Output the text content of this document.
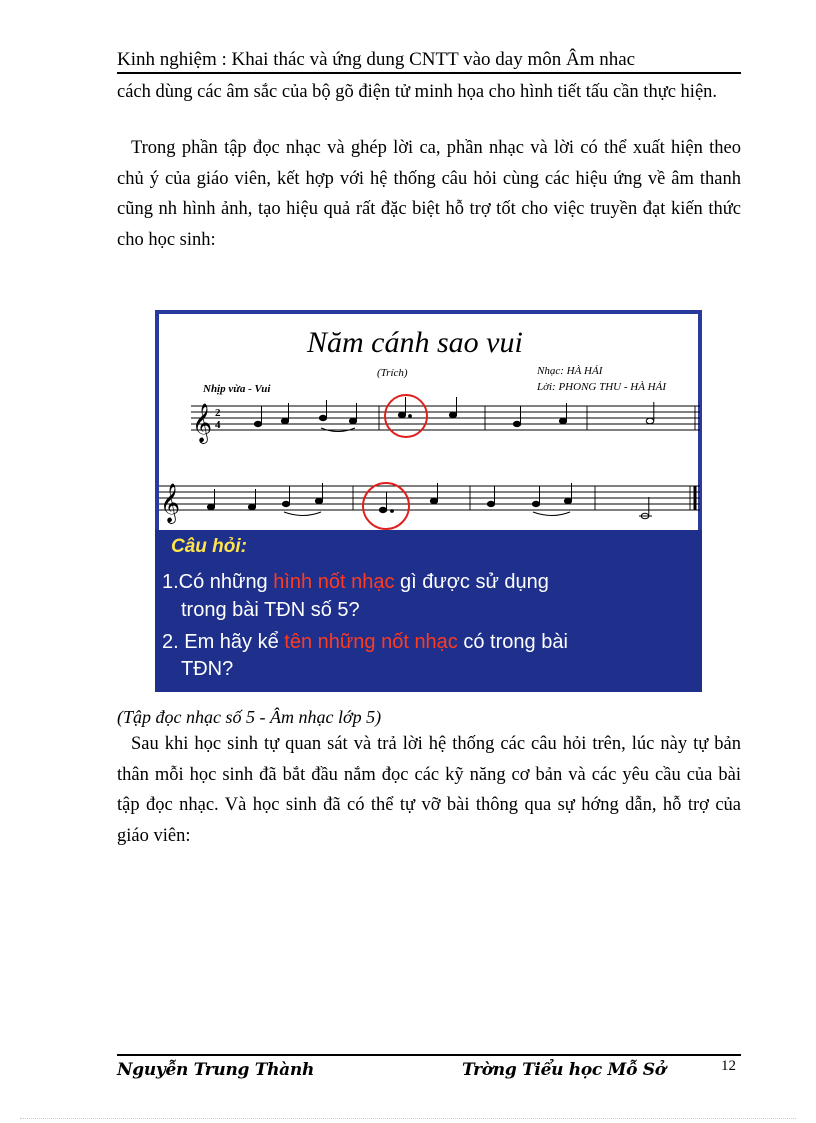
Kinh nghiệm : Khai thác và ứng dung CNTT vào day môn Âm nhac

cách dùng các âm sắc của bộ gõ điện tử minh họa cho hình tiết tấu cần thực hiện.

Trong phần tập đọc nhạc và ghép lời ca, phần nhạc và lời có thể xuất hiện theo chủ ý của giáo viên, kết hợp với hệ thống câu hỏi cùng các hiệu ứng về âm thanh cũng nh hình ảnh, tạo hiệu quả rất đặc biệt hỗ trợ tốt cho việc truyền đạt kiến thức cho học sinh:

Năm cánh sao vui
(Trích)
Nhịp vừa - Vui
Nhạc: HÀ HẢI
Lời: PHONG THU - HÀ HẢI
𝄞 2
4
𝄞
Câu hỏi:
1.Có những hình nốt nhạc gì được sử dụng
trong bài TĐN số 5?
2. Em hãy kể tên những nốt nhạc có trong bài
TĐN?
(Tập đọc nhạc số 5 - Âm nhạc lớp 5)

Sau khi học sinh tự quan sát và trả lời hệ thống các câu hỏi trên, lúc này tự bản thân mỗi học sinh đã bắt đầu nắm đọc các kỹ năng cơ bản và các yêu cầu của bài tập đọc nhạc. Và học sinh đã có thể tự vỡ bài thông qua sự hớng dẫn, hỗ trợ của giáo viên:

Nguyễn Trung Thành	Trờng Tiểu học Mỗ Sở	12
